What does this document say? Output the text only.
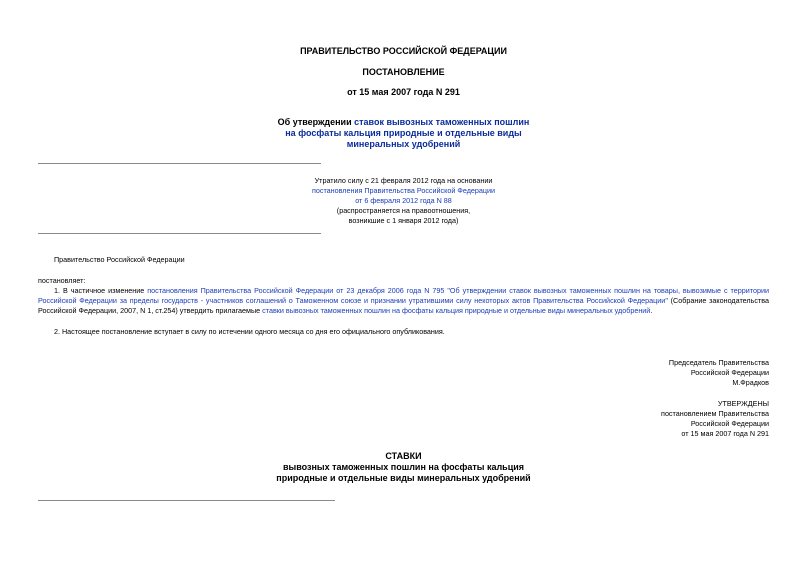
ПРАВИТЕЛЬСТВО РОССИЙСКОЙ ФЕДЕРАЦИИ
ПОСТАНОВЛЕНИЕ
от 15 мая 2007 года N 291
Об утверждении ставок вывозных таможенных пошлин
на фосфаты кальция природные и отдельные виды
минеральных удобрений
Утратило силу с 21 февраля 2012 года на основании
постановления Правительства Российской Федерации
от 6 февраля 2012 года N 88
(распространяется на правоотношения,
возникшие с 1 января 2012 года)
Правительство Российской Федерации
постановляет:
1. В частичное изменение постановления Правительства Российской Федерации от 23 декабря 2006 года N 795 "Об утверждении ставок вывозных таможенных пошлин на товары, вывозимые с территории Российской Федерации за пределы государств - участников соглашений о Таможенном союзе и признании утратившими силу некоторых актов Правительства Российской Федерации" (Собрание законодательства Российской Федерации, 2007, N 1, ст.254) утвердить прилагаемые ставки вывозных таможенных пошлин на фосфаты кальция природные и отдельные виды минеральных удобрений.
2. Настоящее постановление вступает в силу по истечении одного месяца со дня его официального опубликования.
Председатель Правительства
Российской Федерации
М.Фрадков
УТВЕРЖДЕНЫ
постановлением Правительства
Российской Федерации
от 15 мая 2007 года N 291
СТАВКИ
вывозных таможенных пошлин на фосфаты кальция
природные и отдельные виды минеральных удобрений
